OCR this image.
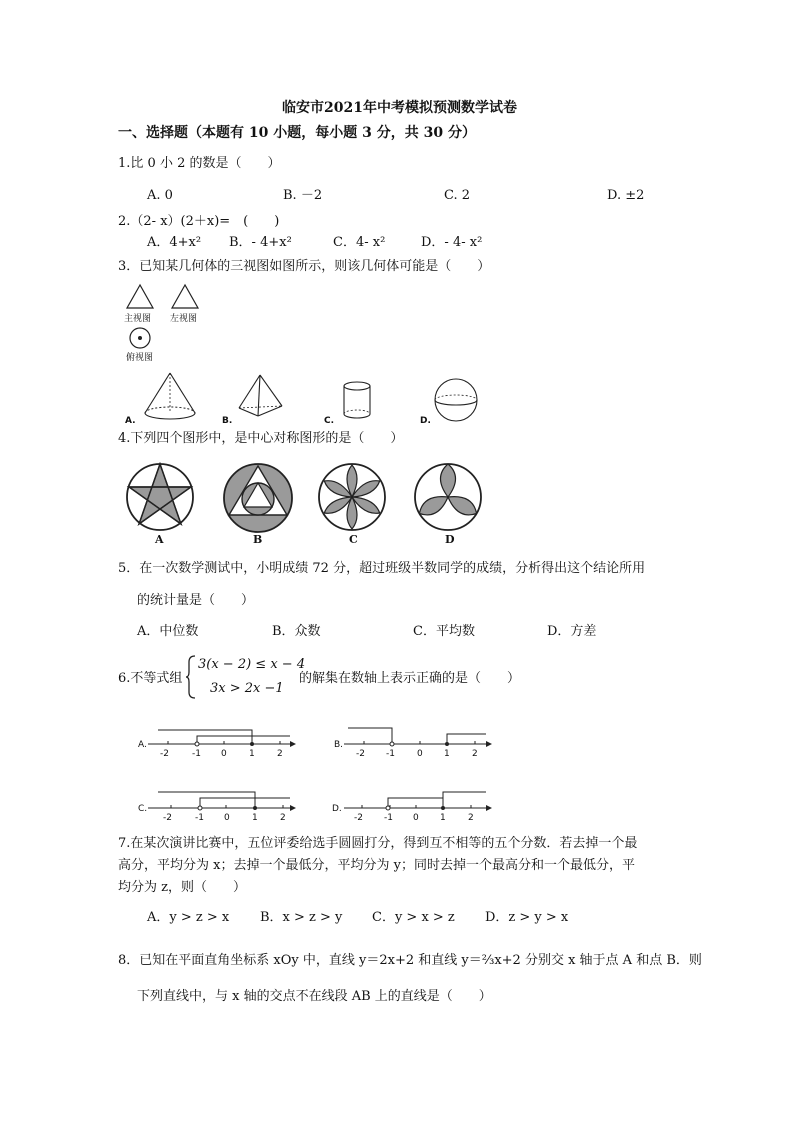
临安市2021年中考模拟预测数学试卷
一、选择题（本题有 10 小题，每小题 3 分，共 30 分）
1.比 0 小 2 的数是（　　）
A. 0	B. －2	C. 2	D. ±2
2.（2- x）(2＋x)=　(　　)
A．4+x² B．- 4+x²	C．4- x²	D．- 4- x²
3．已知某几何体的三视图如图所示，则该几何体可能是（　　）
主视图 左视图
俯视图
A.	B.	C.	D.
4.下列四个图形中，是中心对称图形的是（　　）
A	B	C	D
5．在一次数学测试中，小明成绩 72 分，超过班级半数同学的成绩，分析得出这个结论所用
的统计量是（　　）
A．中位数	B．众数	C．平均数	D．方差
6.不等式组
3(x − 2) ≤ x − 4
3x > 2x −1
的解集在数轴上表示正确的是（　　）
A.	B.
C.	D.
-2	-1 0 1 2	-2 -1 0 1 2
-2	-1 0 1 2	-2 -1 0 1 2
7.在某次演讲比赛中，五位评委给选手圆圆打分，得到互不相等的五个分数．若去掉一个最
高分，平均分为 x；去掉一个最低分，平均分为 y；同时去掉一个最高分和一个最低分，平
均分为 z，则（　　）
A．y > z > x B．x > z > y C．y > x > z D．z > y > x
8．已知在平面直角坐标系 xOy 中，直线 y＝2x+2 和直线 y＝⅔x+2 分别交 x 轴于点 A 和点 B．则
下列直线中，与 x 轴的交点不在线段 AB 上的直线是（　　）
